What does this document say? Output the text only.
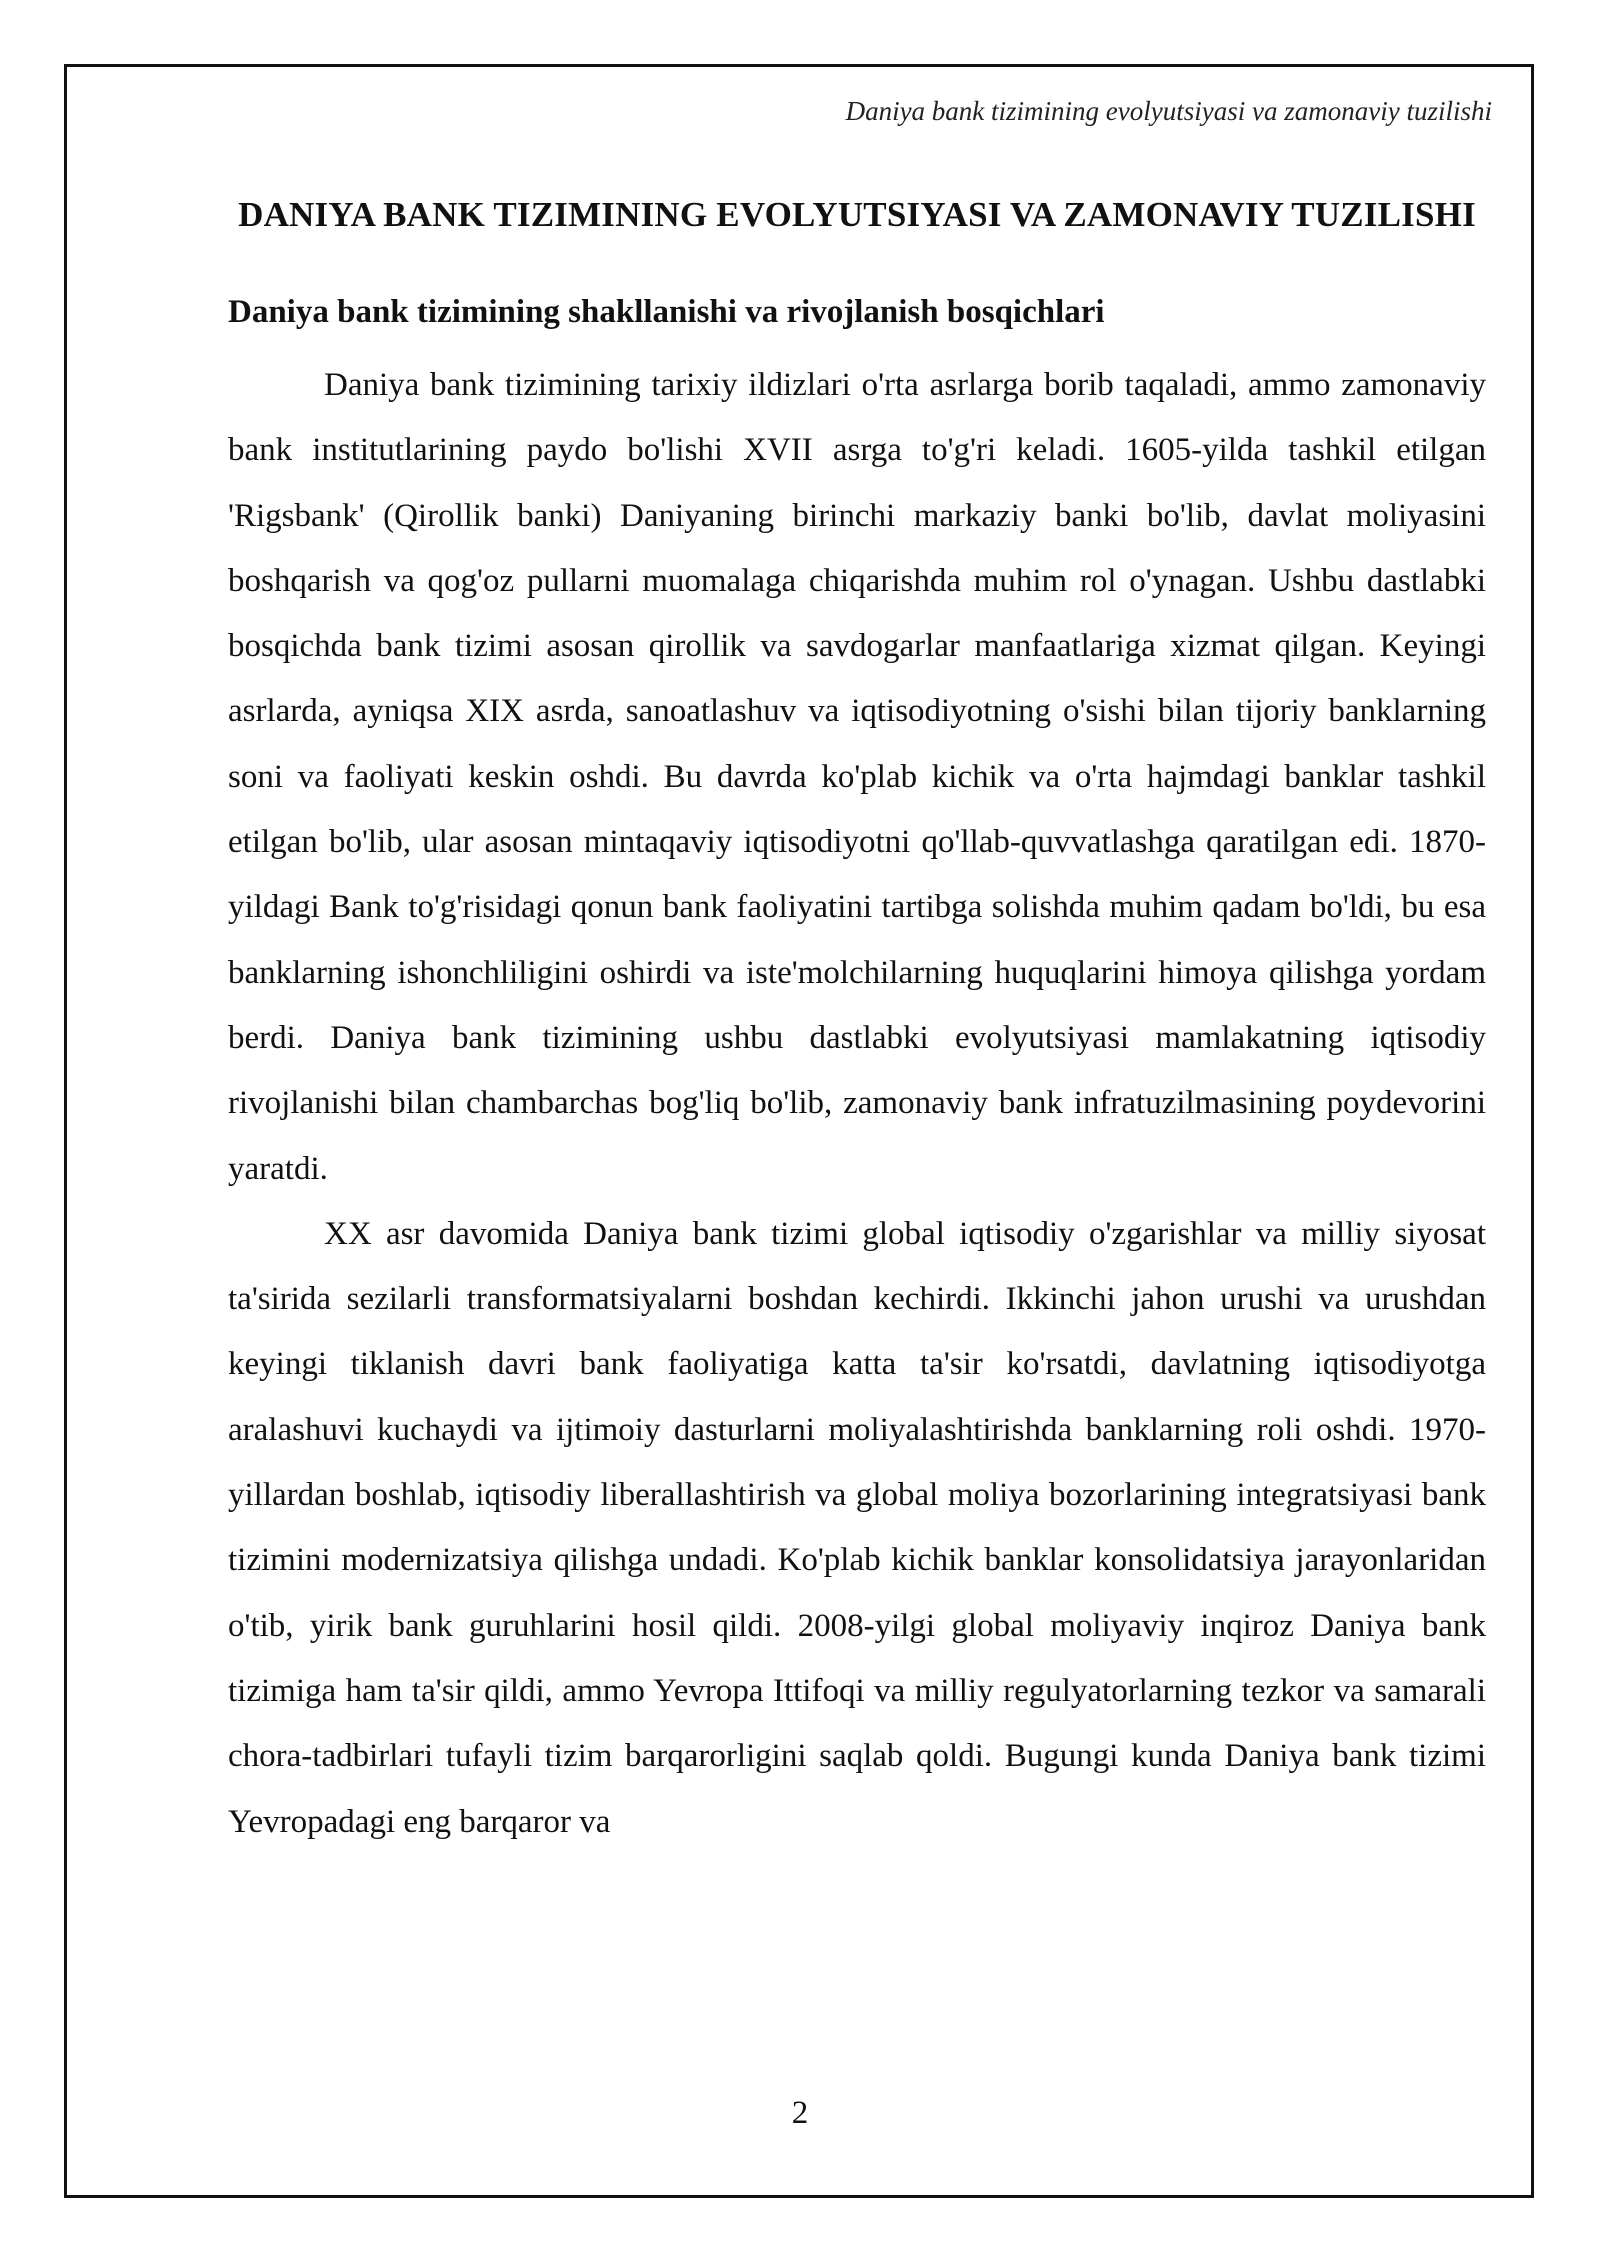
Daniya bank tizimining evolyutsiyasi va zamonaviy tuzilishi
DANIYA BANK TIZIMINING EVOLYUTSIYASI VA ZAMONAVIY TUZILISHI
Daniya bank tizimining shakllanishi va rivojlanish bosqichlari

Daniya bank tizimining tarixiy ildizlari o'rta asrlarga borib taqaladi, ammo zamonaviy bank institutlarining paydo bo'lishi XVII asrga to'g'ri keladi. 1605-yilda tashkil etilgan 'Rigsbank' (Qirollik banki) Daniyaning birinchi markaziy banki bo'lib, davlat moliyasini boshqarish va qog'oz pullarni muomalaga chiqarishda muhim rol o'ynagan. Ushbu dastlabki bosqichda bank tizimi asosan qirollik va savdogarlar manfaatlariga xizmat qilgan. Keyingi asrlarda, ayniqsa XIX asrda, sanoatlashuv va iqtisodiyotning o'sishi bilan tijoriy banklarning soni va faoliyati keskin oshdi. Bu davrda ko'plab kichik va o'rta hajmdagi banklar tashkil etilgan bo'lib, ular asosan mintaqaviy iqtisodiyotni qo'llab-quvvatlashga qaratilgan edi. 1870-yildagi Bank to'g'risidagi qonun bank faoliyatini tartibga solishda muhim qadam bo'ldi, bu esa banklarning ishonchliligini oshirdi va iste'molchilarning huquqlarini himoya qilishga yordam berdi. Daniya bank tizimining ushbu dastlabki evolyutsiyasi mamlakatning iqtisodiy rivojlanishi bilan chambarchas bog'liq bo'lib, zamonaviy bank infratuzilmasining poydevorini yaratdi.

XX asr davomida Daniya bank tizimi global iqtisodiy o'zgarishlar va milliy siyosat ta'sirida sezilarli transformatsiyalarni boshdan kechirdi. Ikkinchi jahon urushi va urushdan keyingi tiklanish davri bank faoliyatiga katta ta'sir ko'rsatdi, davlatning iqtisodiyotga aralashuvi kuchaydi va ijtimoiy dasturlarni moliyalashtirishda banklarning roli oshdi. 1970-yillardan boshlab, iqtisodiy liberallashtirish va global moliya bozorlarining integratsiyasi bank tizimini modernizatsiya qilishga undadi. Ko'plab kichik banklar konsolidatsiya jarayonlaridan o'tib, yirik bank guruhlarini hosil qildi. 2008-yilgi global moliyaviy inqiroz Daniya bank tizimiga ham ta'sir qildi, ammo Yevropa Ittifoqi va milliy regulyatorlarning tezkor va samarali chora-tadbirlari tufayli tizim barqarorligini saqlab qoldi. Bugungi kunda Daniya bank tizimi Yevropadagi eng barqaror va

2
